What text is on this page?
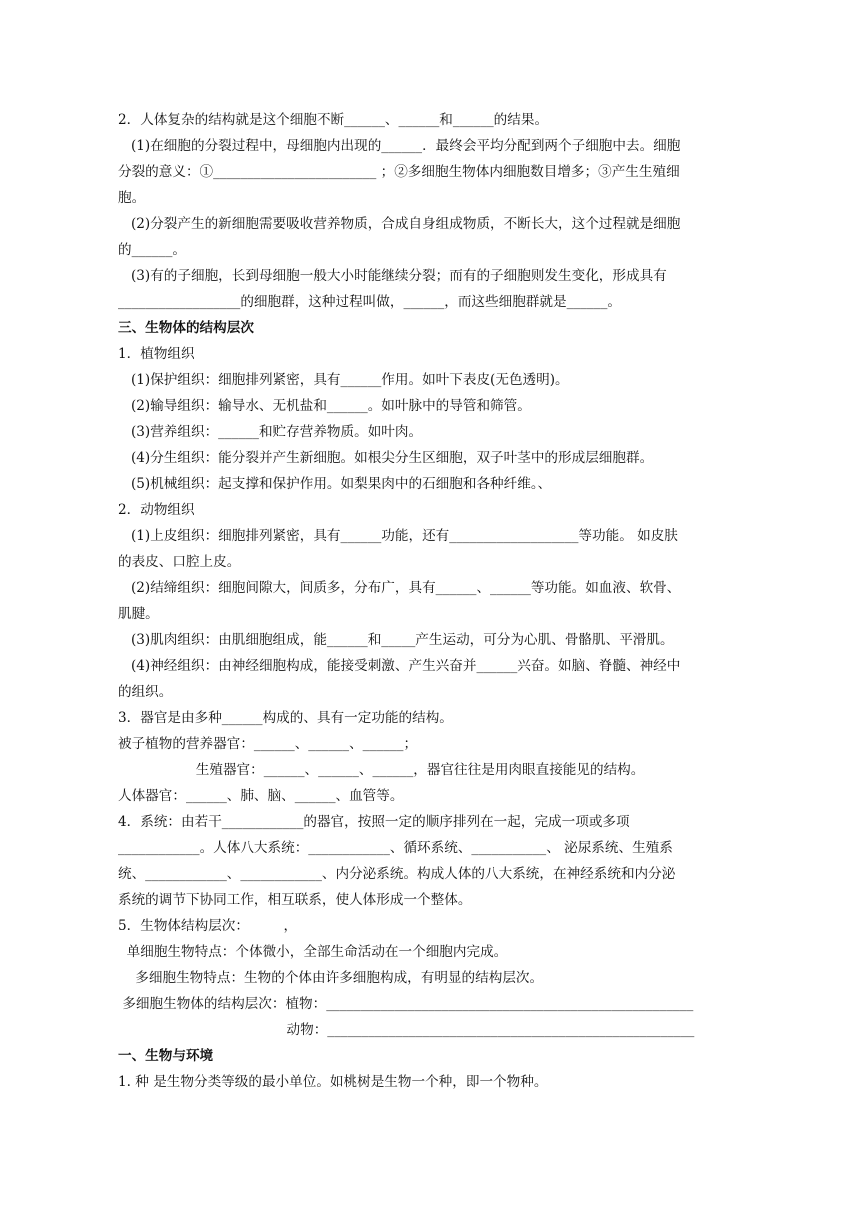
2．人体复杂的结构就是这个细胞不断______、______和______的结果。
(1)在细胞的分裂过程中，母细胞内出现的______．最终会平均分配到两个子细胞中去。细胞
分裂的意义：①________________________ ；②多细胞生物体内细胞数目增多；③产生生殖细
胞。
(2)分裂产生的新细胞需要吸收营养物质，合成自身组成物质，不断长大，这个过程就是细胞
的______。
(3)有的子细胞，长到母细胞一般大小时能继续分裂；而有的子细胞则发生变化，形成具有
__________________的细胞群，这种过程叫做，______，而这些细胞群就是______。
三、生物体的结构层次
1．植物组织
(1)保护组织：细胞排列紧密，具有______作用。如叶下表皮(无色透明)。
(2)输导组织：输导水、无机盐和______。如叶脉中的导管和筛管。
(3)营养组织：______和贮存营养物质。如叶肉。
(4)分生组织：能分裂并产生新细胞。如根尖分生区细胞，双子叶茎中的形成层细胞群。
(5)机械组织：起支撑和保护作用。如梨果肉中的石细胞和各种纤维。、
2．动物组织
(1)上皮组织：细胞排列紧密，具有______功能，还有___________________等功能。 如皮肤
的表皮、口腔上皮。
(2)结缔组织：细胞间隙大，间质多，分布广，具有______、______等功能。如血液、软骨、
肌腱。
(3)肌肉组织：由肌细胞组成，能______和_____产生运动，可分为心肌、骨骼肌、平滑肌。
(4)神经组织：由神经细胞构成，能接受刺激、产生兴奋并______兴奋。如脑、脊髓、神经中
的组织。
3．器官是由多种______构成的、具有一定功能的结构。
被子植物的营养器官：______、______、______；
生殖器官：______、______、______，器官往往是用肉眼直接能见的结构。
人体器官：______、肺、脑、______、血管等。
4．系统：由若干____________的器官，按照一定的顺序排列在一起，完成一项或多项
____________。人体八大系统：____________、循环系统、___________、 泌尿系统、生殖系
统、____________、____________、内分泌系统。构成人体的八大系统，在神经系统和内分泌
系统的调节下协同工作，相互联系，使人体形成一个整体。
5．生物体结构层次：        ，
单细胞生物特点：个体微小，全部生命活动在一个细胞内完成。
多细胞生物特点：生物的个体由许多细胞构成，有明显的结构层次。
多细胞生物体的结构层次：植物：______________________________________________________
动物：______________________________________________________
一、生物与环境
1. 种 是生物分类等级的最小单位。如桃树是生物一个种，即一个物种。
